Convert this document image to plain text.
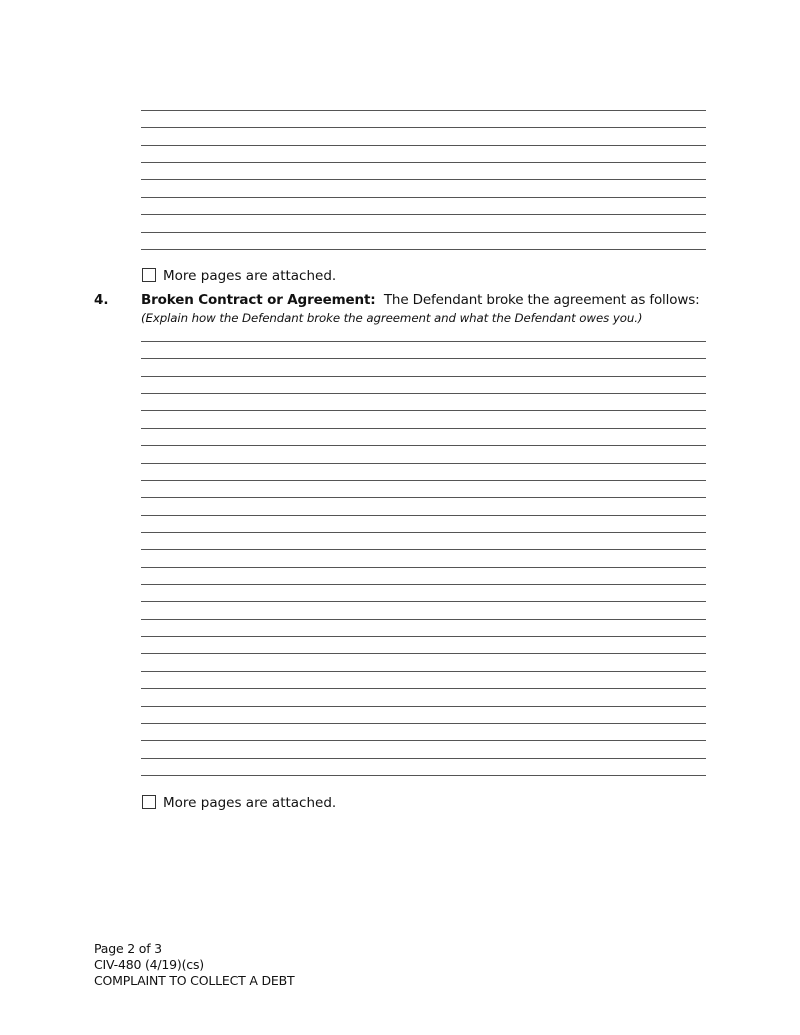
More pages are attached.
4. Broken Contract or Agreement: The Defendant broke the agreement as follows:
(Explain how the Defendant broke the agreement and what the Defendant owes you.)
More pages are attached.
Page 2 of 3
CIV-480 (4/19)(cs)
COMPLAINT TO COLLECT A DEBT
